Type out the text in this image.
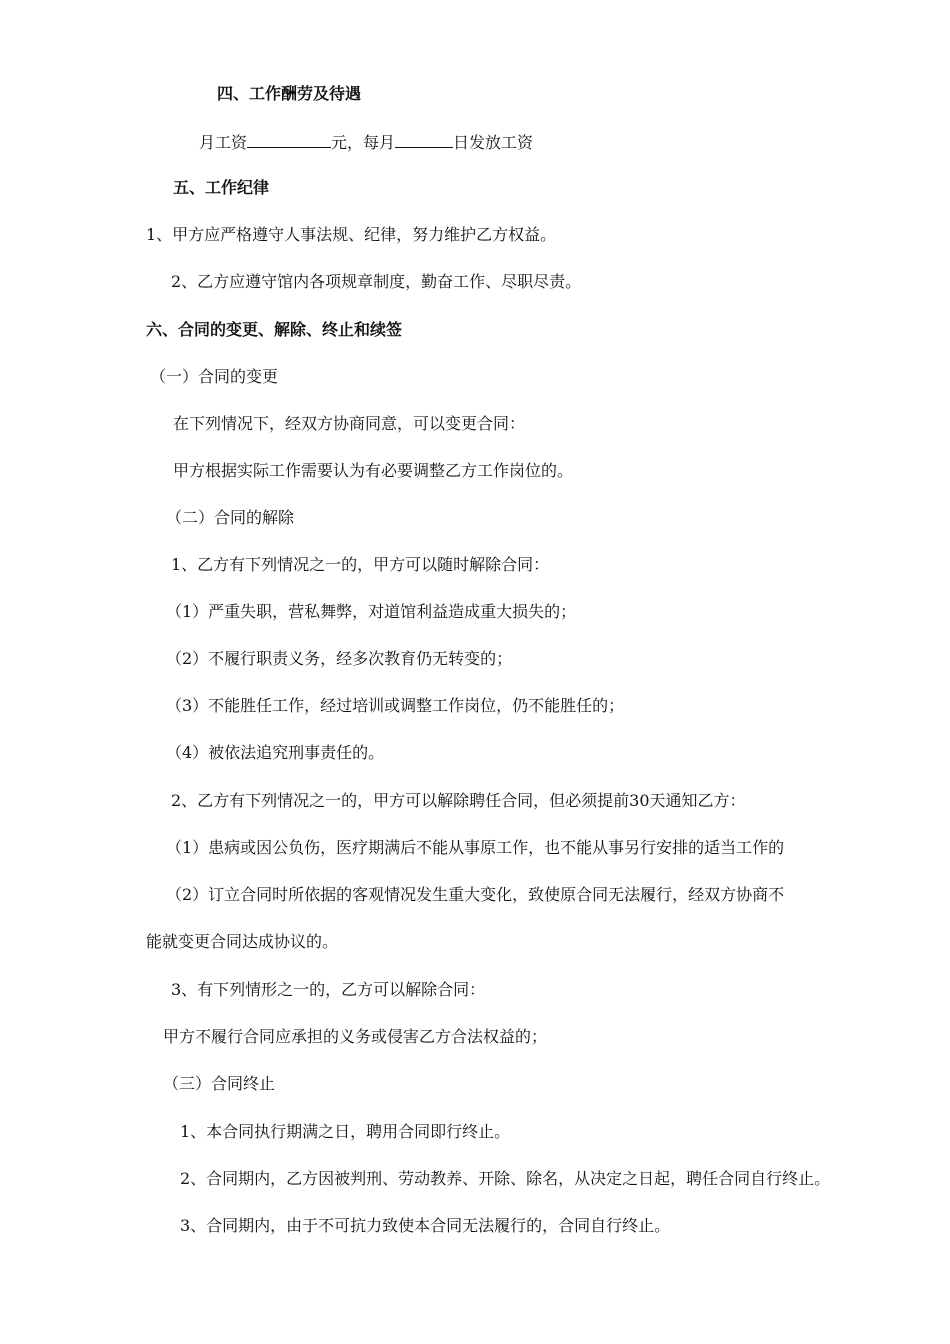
四、工作酬劳及待遇
月工资	元，每月	日发放工资
五、工作纪律
1、甲方应严格遵守人事法规、纪律，努力维护乙方权益。
2、乙方应遵守馆内各项规章制度，勤奋工作、尽职尽责。
六、合同的变更、解除、终止和续签
（一）合同的变更
在下列情况下，经双方协商同意，可以变更合同：
甲方根据实际工作需要认为有必要调整乙方工作岗位的。
（二）合同的解除
1、乙方有下列情况之一的，甲方可以随时解除合同：
（1）严重失职，营私舞弊，对道馆利益造成重大损失的；
（2）不履行职责义务，经多次教育仍无转变的；
（3）不能胜任工作，经过培训或调整工作岗位，仍不能胜任的；
（4）被依法追究刑事责任的。
2、乙方有下列情况之一的，甲方可以解除聘任合同，但必须提前30天通知乙方：
（1）患病或因公负伤，医疗期满后不能从事原工作，也不能从事另行安排的适当工作的
（2）订立合同时所依据的客观情况发生重大变化，致使原合同无法履行，经双方协商不
能就变更合同达成协议的。
3、有下列情形之一的，乙方可以解除合同：
甲方不履行合同应承担的义务或侵害乙方合法权益的；
（三）合同终止
1、本合同执行期满之日，聘用合同即行终止。
2、合同期内，乙方因被判刑、劳动教养、开除、除名，从决定之日起，聘任合同自行终止。
3、合同期内，由于不可抗力致使本合同无法履行的，合同自行终止。
